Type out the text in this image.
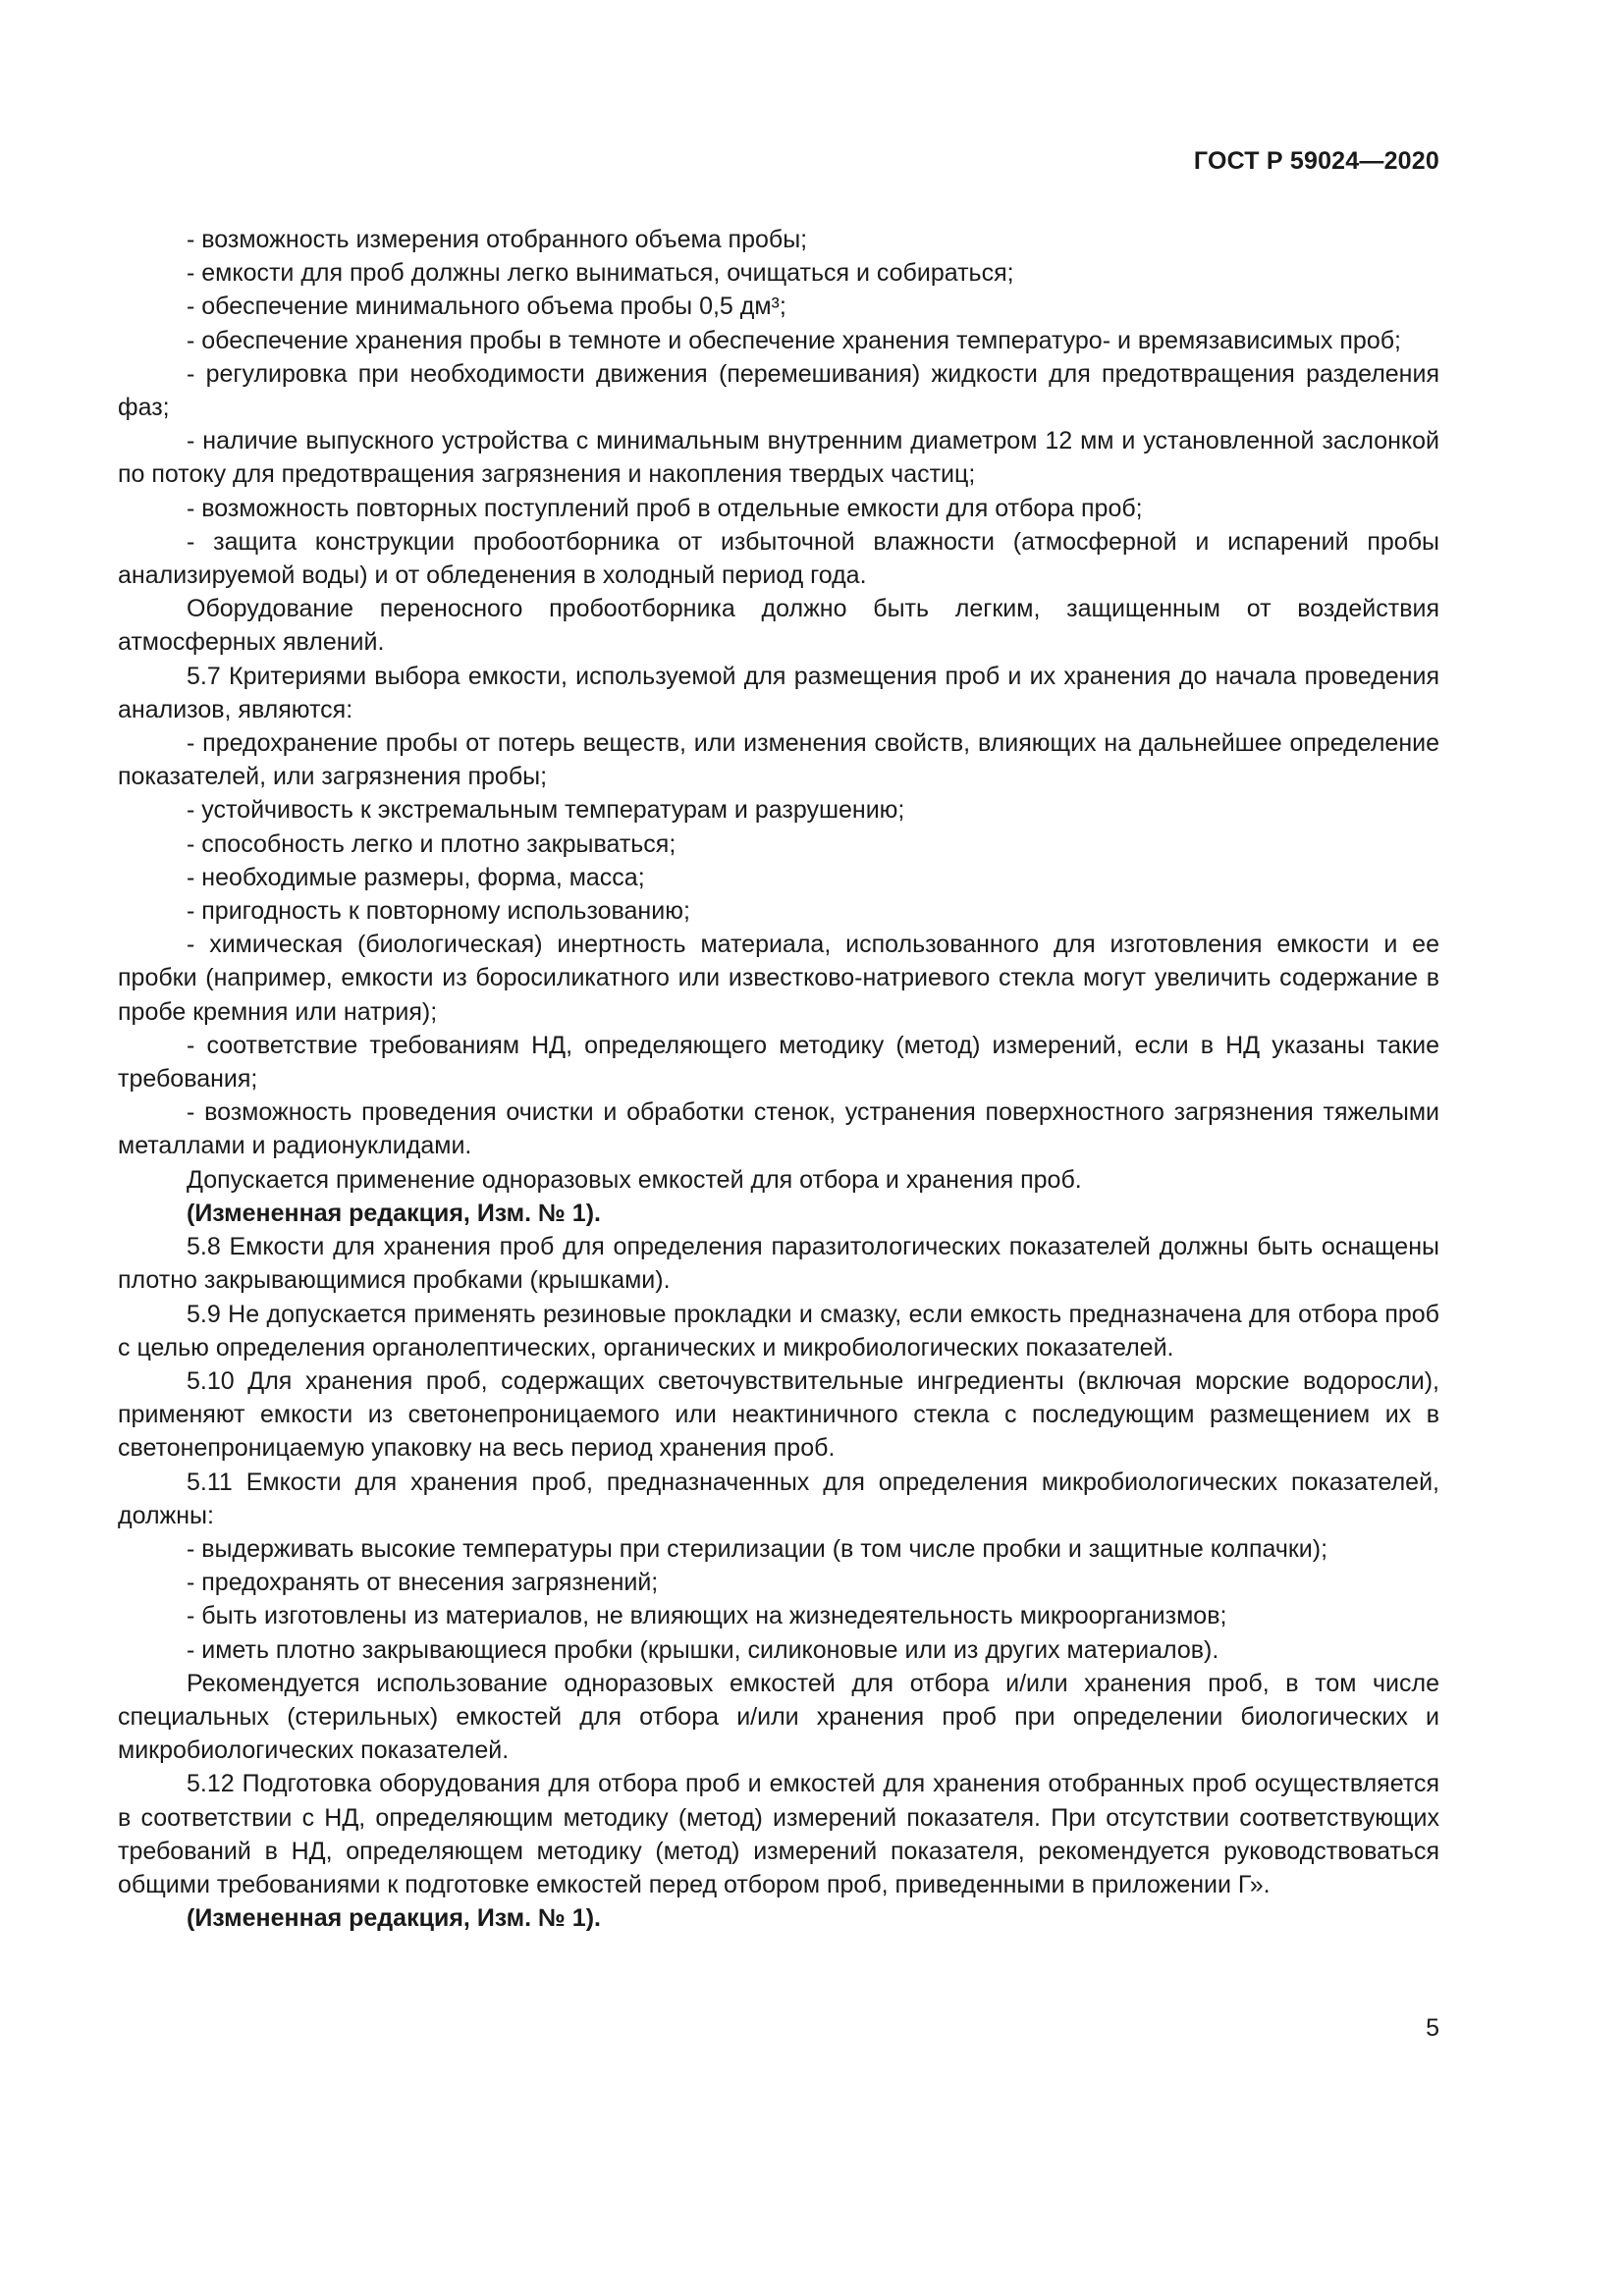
ГОСТ Р 59024—2020

- возможность измерения отобранного объема пробы;

- емкости для проб должны легко выниматься, очищаться и собираться;

- обеспечение минимального объема пробы 0,5 дм³;

- обеспечение хранения пробы в темноте и обеспечение хранения температуро- и времязависимых проб;

- регулировка при необходимости движения (перемешивания) жидкости для предотвращения разделения фаз;

- наличие выпускного устройства с минимальным внутренним диаметром 12 мм и установленной заслонкой по потоку для предотвращения загрязнения и накопления твердых частиц;

- возможность повторных поступлений проб в отдельные емкости для отбора проб;

- защита конструкции пробоотборника от избыточной влажности (атмосферной и испарений пробы анализируемой воды) и от обледенения в холодный период года.

Оборудование переносного пробоотборника должно быть легким, защищенным от воздействия атмосферных явлений.

5.7 Критериями выбора емкости, используемой для размещения проб и их хранения до начала проведения анализов, являются:

- предохранение пробы от потерь веществ, или изменения свойств, влияющих на дальнейшее определение показателей, или загрязнения пробы;

- устойчивость к экстремальным температурам и разрушению;

- способность легко и плотно закрываться;

- необходимые размеры, форма, масса;

- пригодность к повторному использованию;

- химическая (биологическая) инертность материала, использованного для изготовления емкости и ее пробки (например, емкости из боросиликатного или известково-натриевого стекла могут увеличить содержание в пробе кремния или натрия);

- соответствие требованиям НД, определяющего методику (метод) измерений, если в НД указаны такие требования;

- возможность проведения очистки и обработки стенок, устранения поверхностного загрязнения тяжелыми металлами и радионуклидами.

Допускается применение одноразовых емкостей для отбора и хранения проб.

(Измененная редакция, Изм. № 1).

5.8 Емкости для хранения проб для определения паразитологических показателей должны быть оснащены плотно закрывающимися пробками (крышками).

5.9 Не допускается применять резиновые прокладки и смазку, если емкость предназначена для отбора проб с целью определения органолептических, органических и микробиологических показателей.

5.10 Для хранения проб, содержащих светочувствительные ингредиенты (включая морские водоросли), применяют емкости из светонепроницаемого или неактиничного стекла с последующим размещением их в светонепроницаемую упаковку на весь период хранения проб.

5.11 Емкости для хранения проб, предназначенных для определения микробиологических показателей, должны:

- выдерживать высокие температуры при стерилизации (в том числе пробки и защитные колпачки);

- предохранять от внесения загрязнений;

- быть изготовлены из материалов, не влияющих на жизнедеятельность микроорганизмов;

- иметь плотно закрывающиеся пробки (крышки, силиконовые или из других материалов).

Рекомендуется использование одноразовых емкостей для отбора и/или хранения проб, в том числе специальных (стерильных) емкостей для отбора и/или хранения проб при определении биологических и микробиологических показателей.

5.12 Подготовка оборудования для отбора проб и емкостей для хранения отобранных проб осуществляется в соответствии с НД, определяющим методику (метод) измерений показателя. При отсутствии соответствующих требований в НД, определяющем методику (метод) измерений показателя, рекомендуется руководствоваться общими требованиями к подготовке емкостей перед отбором проб, приведенными в приложении Г».

(Измененная редакция, Изм. № 1).

5
